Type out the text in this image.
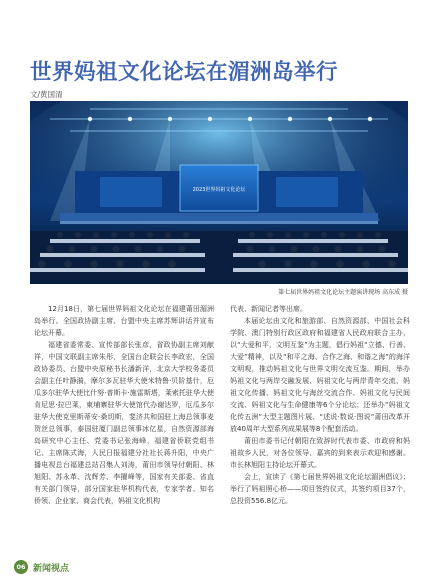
世界妈祖文化论坛在湄洲岛举行
文/黄国清
2023世界妈祖文化论坛
第七届世界妈祖文化论坛主题演讲现场 高东成 摄

12月18日，第七届世界妈祖文化论坛在福建莆田湄洲岛举行。全国政协副主席、台盟中央主席苏辉讲话并宣布论坛开幕。

福建省委常委、宣传部部长张彦，省政协副主席刘献祥，中国文联副主席朱彤，全国台企联会长李政宏，全国政协委员、台盟中央原秘书长潘新洋，北京大学校务委员会副主任叶静漪，摩尔多瓦驻华大使米特鲁·贝阶基什，厄瓜多尔驻华大使比什努·普斯卡·施雷斯塔，莱索托驻华大使肯尼思·拉巴莱，柬埔寨驻华大使馆代办谢达罗，厄瓜多尔驻华大使克里斯蒂安·桑切斯，斐济共和国驻上海总领事麦贺丝总领事，泰国驻厦门副总领事冰亿星，自然资源部海岛研究中心主任、党委书记张海峰，福建省侨联党组书记、主席陈式海，人民日报福建分社社长蒋升阳，中央广播电视总台福建总站召集人刘涛，莆田市领导付朝阳、林旭阳、苏永革、沈辉芳、李擢峰等，国家有关部委、省直有关部门领导，部分国家驻华机构代表，专家学者、知名侨领、企业家、商会代表，妈祖文化机构

代表、新闻记者等出席。

本届论坛由文化和旅游部、自然资源部、中国社会科学院、澳门特别行政区政府和福建省人民政府联合主办，以“大爱和平，文明互鉴”为主题，倡行妈祖“立德、行善、大爱”精神，以及“和平之海、合作之海、和谐之海”的海洋文明观，推动妈祖文化与世界文明交流互鉴。期间，举办妈祖文化与两岸交融发展、妈祖文化与两岸青年交流、妈祖文化传播、妈祖文化与海丝交流合作、妈祖文化与民间交流、妈祖文化与生命健康等6个分论坛；还举办“妈祖文化传五洲”大型主题图片展、“述说·数说·图说”莆田改革开放40周年大型系列成果展等8个配套活动。

莆田市委书记付朝阳在致辞时代表市委、市政府和妈祖故乡人民，对各位领导、嘉宾的到来表示欢迎和感谢。市长林旭阳主持论坛开幕式。

会上，宣读了《第七届世界妈祖文化论坛湄洲倡议》；举行了妈祖照心桥——项目签约仪式，共签约项目37个，总投资556.8亿元。

06 新闻视点
